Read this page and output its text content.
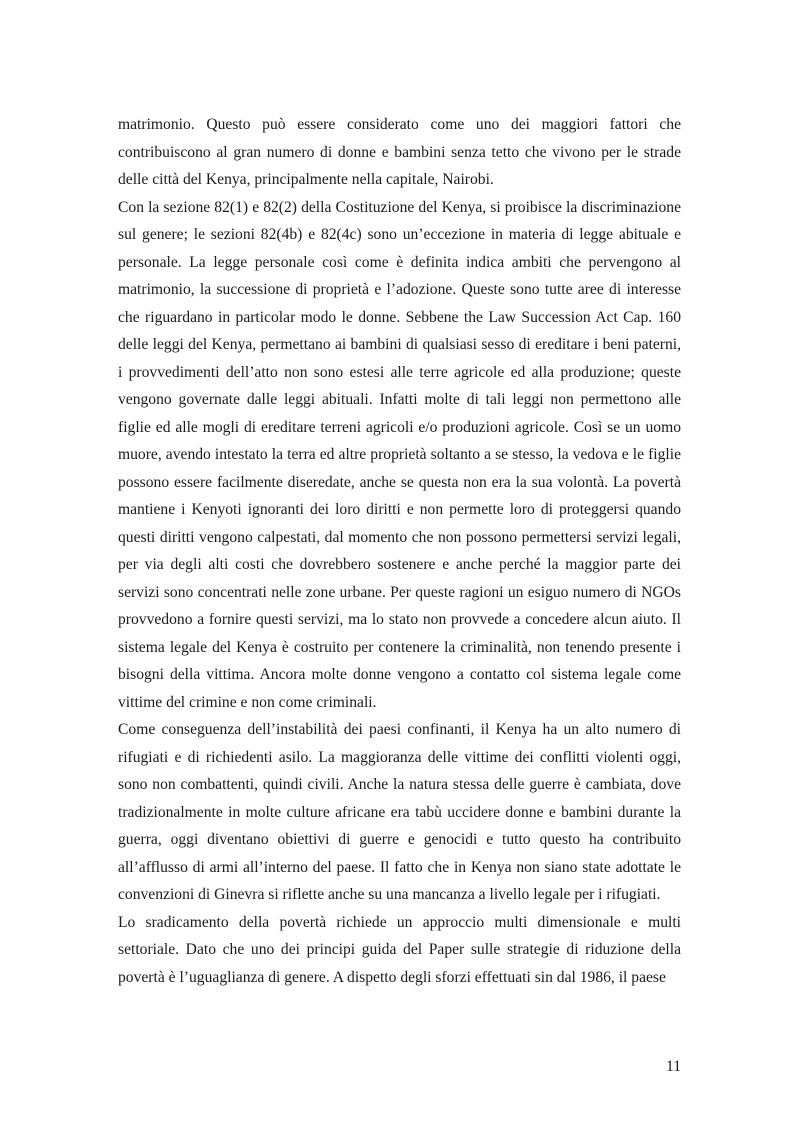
matrimonio. Questo può essere considerato come uno dei maggiori fattori che contribuiscono al gran numero di donne e bambini senza tetto che vivono per le strade delle città del Kenya, principalmente nella capitale, Nairobi.

Con la sezione 82(1) e 82(2) della Costituzione del Kenya, si proibisce la discriminazione sul genere; le sezioni 82(4b) e 82(4c) sono un’eccezione in materia di legge abituale e personale. La legge personale così come è definita indica ambiti che pervengono al matrimonio, la successione di proprietà e l’adozione. Queste sono tutte aree di interesse che riguardano in particolar modo le donne. Sebbene the Law Succession Act Cap. 160 delle leggi del Kenya, permettano ai bambini di qualsiasi sesso di ereditare i beni paterni, i provvedimenti dell’atto non sono estesi alle terre agricole ed alla produzione; queste vengono governate dalle leggi abituali. Infatti molte di tali leggi non permettono alle figlie ed alle mogli di ereditare terreni agricoli e/o produzioni agricole. Così se un uomo muore, avendo intestato la terra ed altre proprietà soltanto a se stesso, la vedova e le figlie possono essere facilmente diseredate, anche se questa non era la sua volontà. La povertà mantiene i Kenyoti ignoranti dei loro diritti e non permette loro di proteggersi quando questi diritti vengono calpestati, dal momento che non possono permettersi servizi legali, per via degli alti costi che dovrebbero sostenere e anche perché la maggior parte dei servizi sono concentrati nelle zone urbane. Per queste ragioni un esiguo numero di NGOs provvedono a fornire questi servizi, ma lo stato non provvede a concedere alcun aiuto. Il sistema legale del Kenya è costruito per contenere la criminalità, non tenendo presente i bisogni della vittima. Ancora molte donne vengono a contatto col sistema legale come vittime del crimine e non come criminali.

Come conseguenza dell’instabilità dei paesi confinanti, il Kenya ha un alto numero di rifugiati e di richiedenti asilo. La maggioranza delle vittime dei conflitti violenti oggi, sono non combattenti, quindi civili. Anche la natura stessa delle guerre è cambiata, dove tradizionalmente in molte culture africane era tabù uccidere donne e bambini durante la guerra, oggi diventano obiettivi di guerre e genocidi e tutto questo ha contribuito all’afflusso di armi all’interno del paese. Il fatto che in Kenya non siano state adottate le convenzioni di Ginevra si riflette anche su una mancanza a livello legale per i rifugiati.

Lo sradicamento della povertà richiede un approccio multi dimensionale e multi settoriale. Dato che uno dei principi guida del Paper sulle strategie di riduzione della povertà è l’uguaglianza di genere. A dispetto degli sforzi effettuati sin dal 1986, il paese

11
